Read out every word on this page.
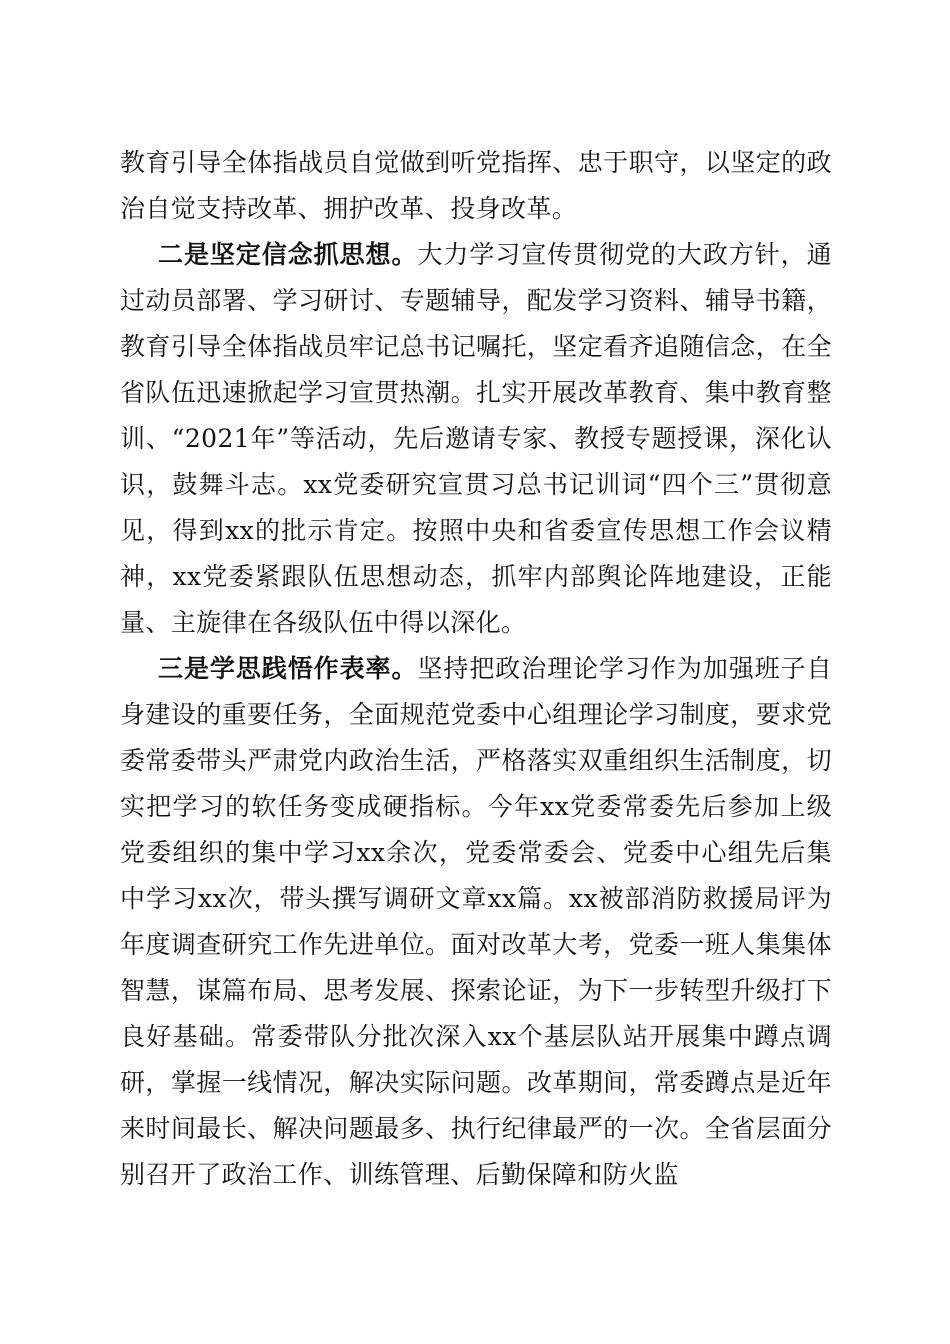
教育引导全体指战员自觉做到听党指挥、忠于职守，以坚定的政治自觉支持改革、拥护改革、投身改革。

二是坚定信念抓思想。大力学习宣传贯彻党的大政方针，通过动员部署、学习研讨、专题辅导，配发学习资料、辅导书籍，教育引导全体指战员牢记总书记嘱托，坚定看齐追随信念，在全省队伍迅速掀起学习宣贯热潮。扎实开展改革教育、集中教育整训、“2021年”等活动，先后邀请专家、教授专题授课，深化认识，鼓舞斗志。xx党委研究宣贯习总书记训词“四个三”贯彻意见，得到xx的批示肯定。按照中央和省委宣传思想工作会议精神，xx党委紧跟队伍思想动态，抓牢内部舆论阵地建设，正能量、主旋律在各级队伍中得以深化。

三是学思践悟作表率。坚持把政治理论学习作为加强班子自身建设的重要任务，全面规范党委中心组理论学习制度，要求党委常委带头严肃党内政治生活，严格落实双重组织生活制度，切实把学习的软任务变成硬指标。今年xx党委常委先后参加上级党委组织的集中学习xx余次，党委常委会、党委中心组先后集中学习xx次，带头撰写调研文章xx篇。xx被部消防救援局评为年度调查研究工作先进单位。面对改革大考，党委一班人集集体智慧，谋篇布局、思考发展、探索论证，为下一步转型升级打下良好基础。常委带队分批次深入xx个基层队站开展集中蹲点调研，掌握一线情况，解决实际问题。改革期间，常委蹲点是近年来时间最长、解决问题最多、执行纪律最严的一次。全省层面分别召开了政治工作、训练管理、后勤保障和防火监
